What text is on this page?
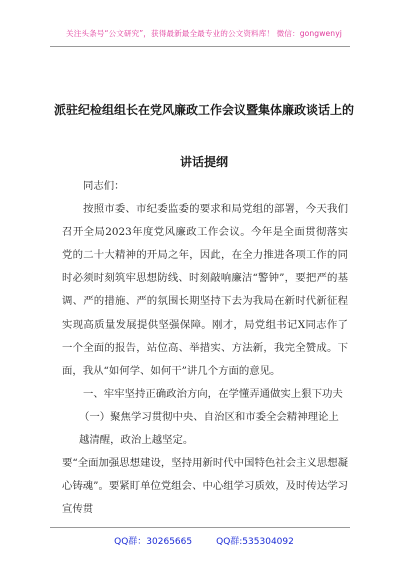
关注头条号“公文研究”，获得最新最全最专业的公文资料库！ 微信：gongwenyj
派驻纪检组组长在党风廉政工作会议暨集体廉政谈话上的
讲话提纲

同志们：

按照市委、市纪委监委的要求和局党组的部署，今天我们召开全局2023年度党风廉政工作会议。今年是全面贯彻落实党的二十大精神的开局之年，因此，在全力推进各项工作的同时必须时刻筑牢思想防线、时刻敲响廉洁“警钟”，要把严的基调、严的措施、严的氛围长期坚持下去为我局在新时代新征程实现高质量发展提供坚强保障。刚才，局党组书记X同志作了一个全面的报告，站位高、举措实、方法新，我完全赞成。下面，我从“如何学、如何干”讲几个方面的意见。

一、牢牢坚持正确政治方向，在学懂弄通做实上狠下功夫

（一）聚焦学习贯彻中央、自治区和市委全会精神理论上越清醒，政治上越坚定。

要“全面加强思想建设，坚持用新时代中国特色社会主义思想凝心铸魂”。要紧盯单位党组会、中心组学习质效，及时传达学习宣传贯

QQ群：30265665	QQ群:535304092
